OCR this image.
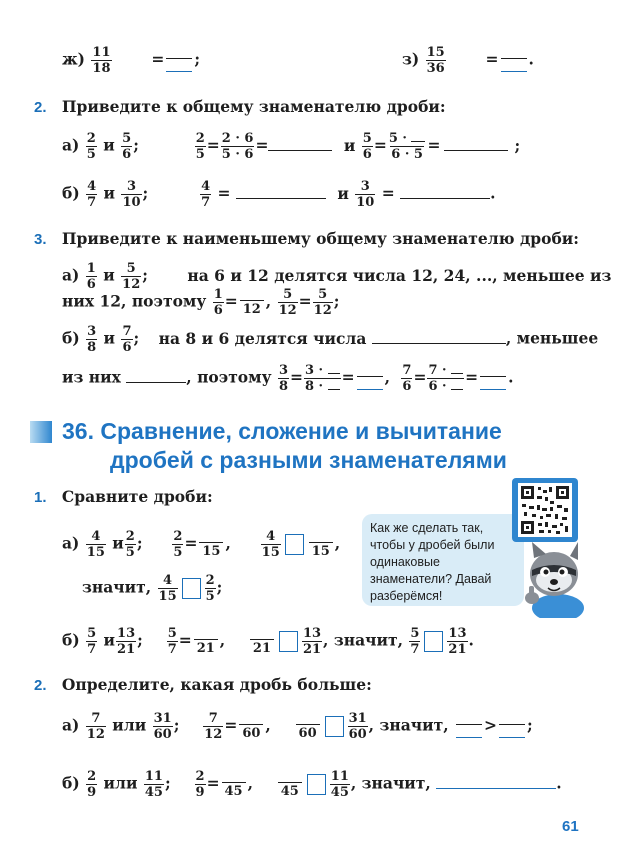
$ж) \frac{11}{18}$	= ;	$з) \frac{15}{36}$	= .
2. Приведите к общему знаменателю дроби:
$а) \frac{2}{5}$ и $\frac{5}{6}$ ;	$\frac{2}{5} = \frac{2 \cdot 6}{5 \cdot 6}$ =	и $\frac{5}{6} = \frac{5 \cdot}{6 \cdot 5}$ =	;
$б) \frac{4}{7}$ и $\frac{3}{10}$ ;	$\frac{4}{7}$ =	и $\frac{3}{10}$ =	.
3. Приведите к наименьшему общему знаменателю дроби:
$а) \frac{1}{6}$ и $\frac{5}{12}$ ;	на 6 и 12 делятся числа 12, 24, ..., меньшее из
них 12, поэтому $\frac{1}{6} = 12$ , $\frac{5}{12} = \frac{5}{12}$ ;
$б) \frac{3}{8}$ и $\frac{7}{6}$ ; на 8 и 6 делятся числа	, меньшее
из них	, поэтому $\frac{3}{8} = \frac{3 \cdot}{8 \cdot}$ = , $\frac{7}{6} = \frac{7 \cdot}{6 \cdot}$ = .
36. Сравнение, сложение и вычитание
дробей с разными знаменателями
1. Сравните дроби:
$а) \frac{4}{15}$ и $\frac{2}{5}$ ; $\frac{2}{5} = 15$ , $\frac{4}{15} 15$ ,
значит, $\frac{4}{15} \frac{2}{5}$ ;
$б) \frac{5}{7}$ и $\frac{13}{21}$ ; $\frac{5}{7} = 21$ , $21 \frac{13}{21}$ , значит, $\frac{5}{7} \frac{13}{21}$ .
Как же сделать так, чтобы у дробей были одинаковые знаменатели? Давай разберёмся!
2. Определите, какая дробь больше:
$а) \frac{7}{12}$ или $\frac{31}{60}$ ; $\frac{7}{12} = 60$ , $60 \frac{31}{60}$ , значит, > ;
$б) \frac{2}{9}$ или $\frac{11}{45}$ ; $\frac{2}{9} = 45$ , $45 \frac{11}{45}$ , значит,	.
61
